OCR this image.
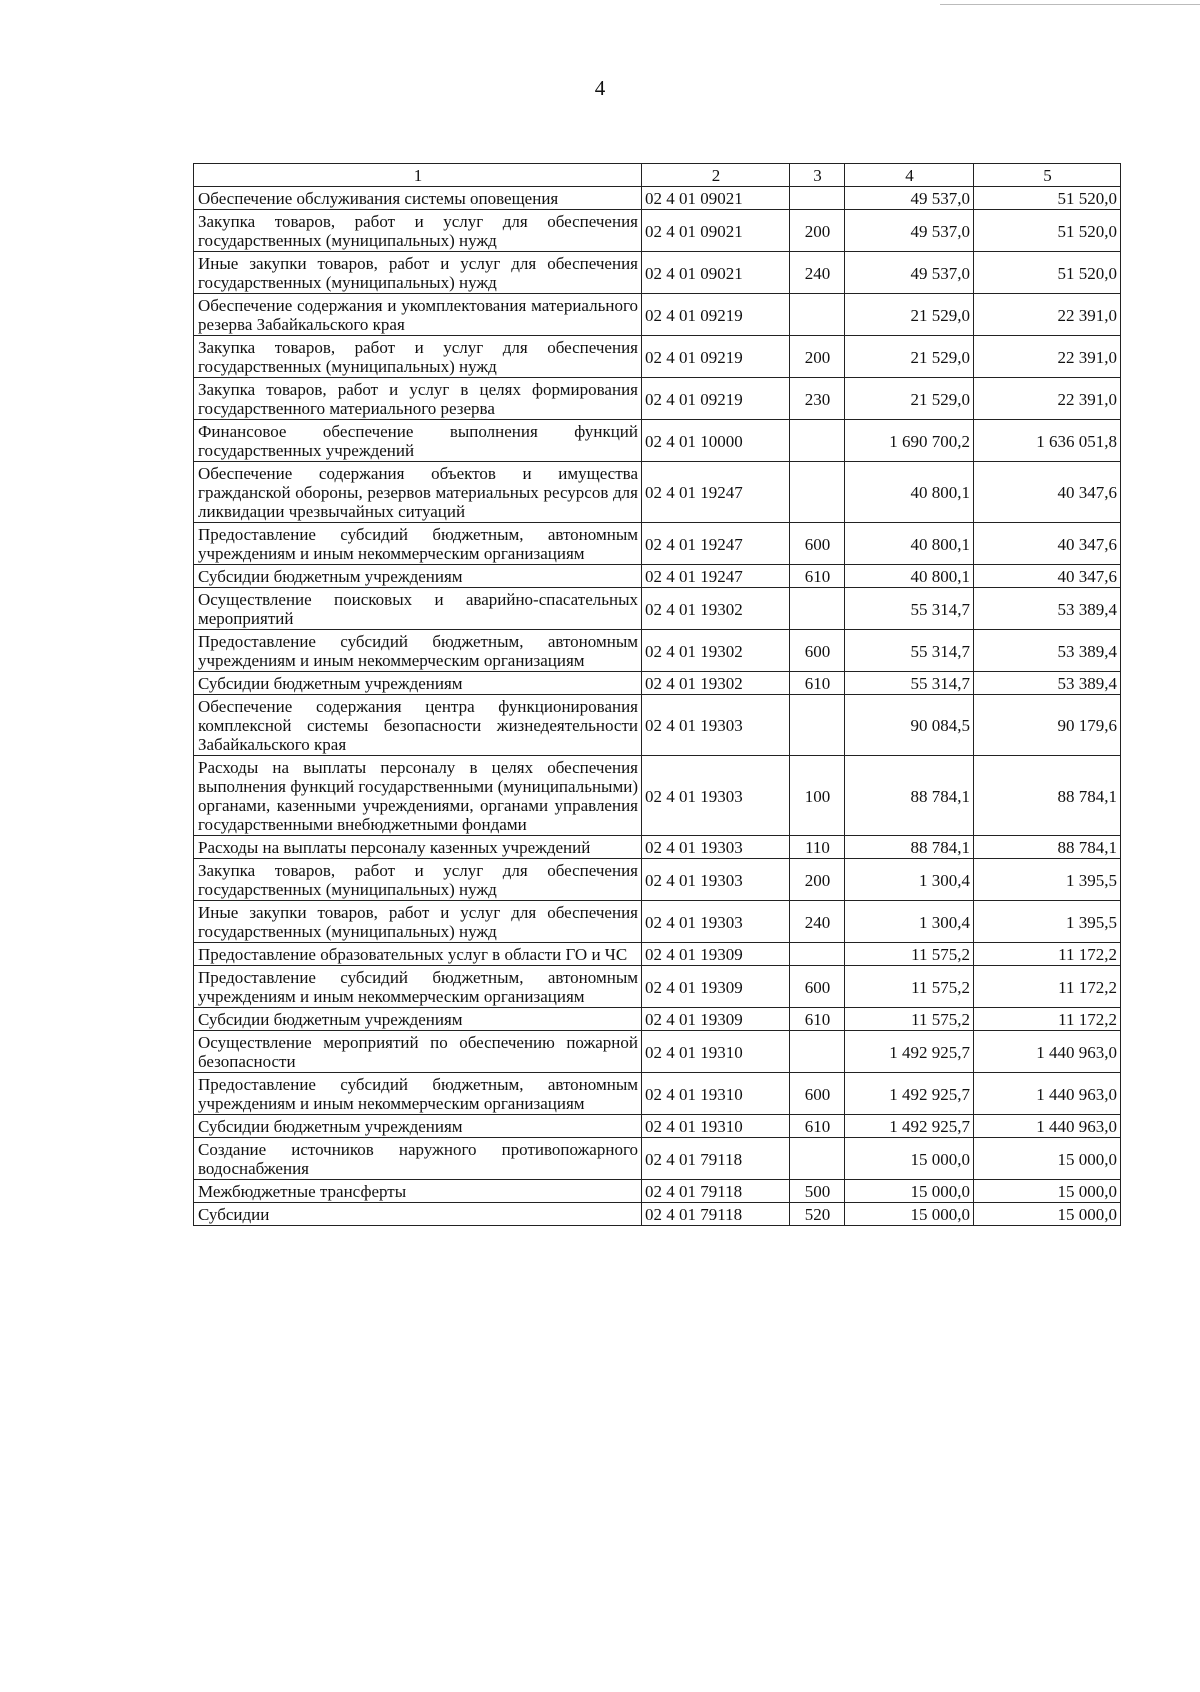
4
1	2	3	4	5
Обеспечение обслуживания системы оповещения	02 4 01 09021		49 537,0	51 520,0
Закупка товаров, работ и услуг для обеспечения государственных (муниципальных) нужд	02 4 01 09021	200	49 537,0	51 520,0
Иные закупки товаров, работ и услуг для обеспечения государственных (муниципальных) нужд	02 4 01 09021	240	49 537,0	51 520,0
Обеспечение содержания и укомплектования материального резерва Забайкальского края	02 4 01 09219		21 529,0	22 391,0
Закупка товаров, работ и услуг для обеспечения государственных (муниципальных) нужд	02 4 01 09219	200	21 529,0	22 391,0
Закупка товаров, работ и услуг в целях формирования государственного материального резерва	02 4 01 09219	230	21 529,0	22 391,0
Финансовое обеспечение выполнения функций государственных учреждений	02 4 01 10000		1 690 700,2	1 636 051,8
Обеспечение содержания объектов и имущества гражданской обороны, резервов материальных ресурсов для ликвидации чрезвычайных ситуаций	02 4 01 19247		40 800,1	40 347,6
Предоставление субсидий бюджетным, автономным учреждениям и иным некоммерческим организациям	02 4 01 19247	600	40 800,1	40 347,6
Субсидии бюджетным учреждениям	02 4 01 19247	610	40 800,1	40 347,6
Осуществление поисковых и аварийно-спасательных мероприятий	02 4 01 19302		55 314,7	53 389,4
Предоставление субсидий бюджетным, автономным учреждениям и иным некоммерческим организациям	02 4 01 19302	600	55 314,7	53 389,4
Субсидии бюджетным учреждениям	02 4 01 19302	610	55 314,7	53 389,4
Обеспечение содержания центра функционирования комплексной системы безопасности жизнедеятельности Забайкальского края	02 4 01 19303		90 084,5	90 179,6
Расходы на выплаты персоналу в целях обеспечения выполнения функций государственными (муниципальными) органами, казенными учреждениями, органами управления государственными внебюджетными фондами	02 4 01 19303	100	88 784,1	88 784,1
Расходы на выплаты персоналу казенных учреждений	02 4 01 19303	110	88 784,1	88 784,1
Закупка товаров, работ и услуг для обеспечения государственных (муниципальных) нужд	02 4 01 19303	200	1 300,4	1 395,5
Иные закупки товаров, работ и услуг для обеспечения государственных (муниципальных) нужд	02 4 01 19303	240	1 300,4	1 395,5
Предоставление образовательных услуг в области ГО и ЧС	02 4 01 19309		11 575,2	11 172,2
Предоставление субсидий бюджетным, автономным учреждениям и иным некоммерческим организациям	02 4 01 19309	600	11 575,2	11 172,2
Субсидии бюджетным учреждениям	02 4 01 19309	610	11 575,2	11 172,2
Осуществление мероприятий по обеспечению пожарной безопасности	02 4 01 19310		1 492 925,7	1 440 963,0
Предоставление субсидий бюджетным, автономным учреждениям и иным некоммерческим организациям	02 4 01 19310	600	1 492 925,7	1 440 963,0
Субсидии бюджетным учреждениям	02 4 01 19310	610	1 492 925,7	1 440 963,0
Создание источников наружного противопожарного водоснабжения	02 4 01 79118		15 000,0	15 000,0
Межбюджетные трансферты	02 4 01 79118	500	15 000,0	15 000,0
Субсидии	02 4 01 79118	520	15 000,0	15 000,0
